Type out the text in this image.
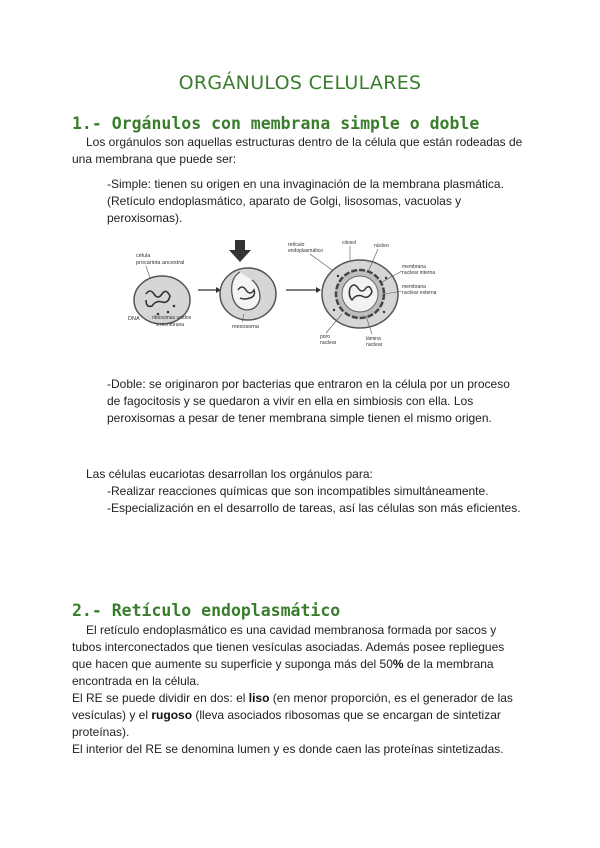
ORGÁNULOS CELULARES
1.- Orgánulos con membrana simple o doble

Los orgánulos son aquellas estructuras dentro de la célula que están rodeadas de una membrana que puede ser:

-Simple: tienen su origen en una invaginación de la membrana plasmática.
(Retículo endoplasmático, aparato de Golgi, lisosomas, vacuolas y
peroxisomas).
célula
procariota ancestral
DNA ribosomas unidos
a membrana	mesosoma
retículo
endoplasmático
citosol	núcleo
membrana
nuclear interna
membrana
nuclear externa
poro
nuclear
lámina
nuclear
-Doble: se originaron por bacterias que entraron en la célula por un proceso
de fagocitosis y se quedaron a vivir en ella en simbiosis con ella. Los
peroxisomas a pesar de tener membrana simple tienen el mismo origen.
Las células eucariotas desarrollan los orgánulos para:
-Realizar reacciones químicas que son incompatibles simultáneamente.
-Especialización en el desarrollo de tareas, así las células son más eficientes.
2.- Retículo endoplasmático
El retículo endoplasmático es una cavidad membranosa formada por sacos y
tubos interconectados que tienen vesículas asociadas. Además posee repliegues
que hacen que aumente su superficie y suponga más del 50% de la membrana
encontrada en la célula.

El RE se puede dividir en dos: el liso (en menor proporción, es el generador de las vesículas) y el rugoso (lleva asociados ribosomas que se encargan de sintetizar proteínas).

El interior del RE se denomina lumen y es donde caen las proteínas sintetizadas.
